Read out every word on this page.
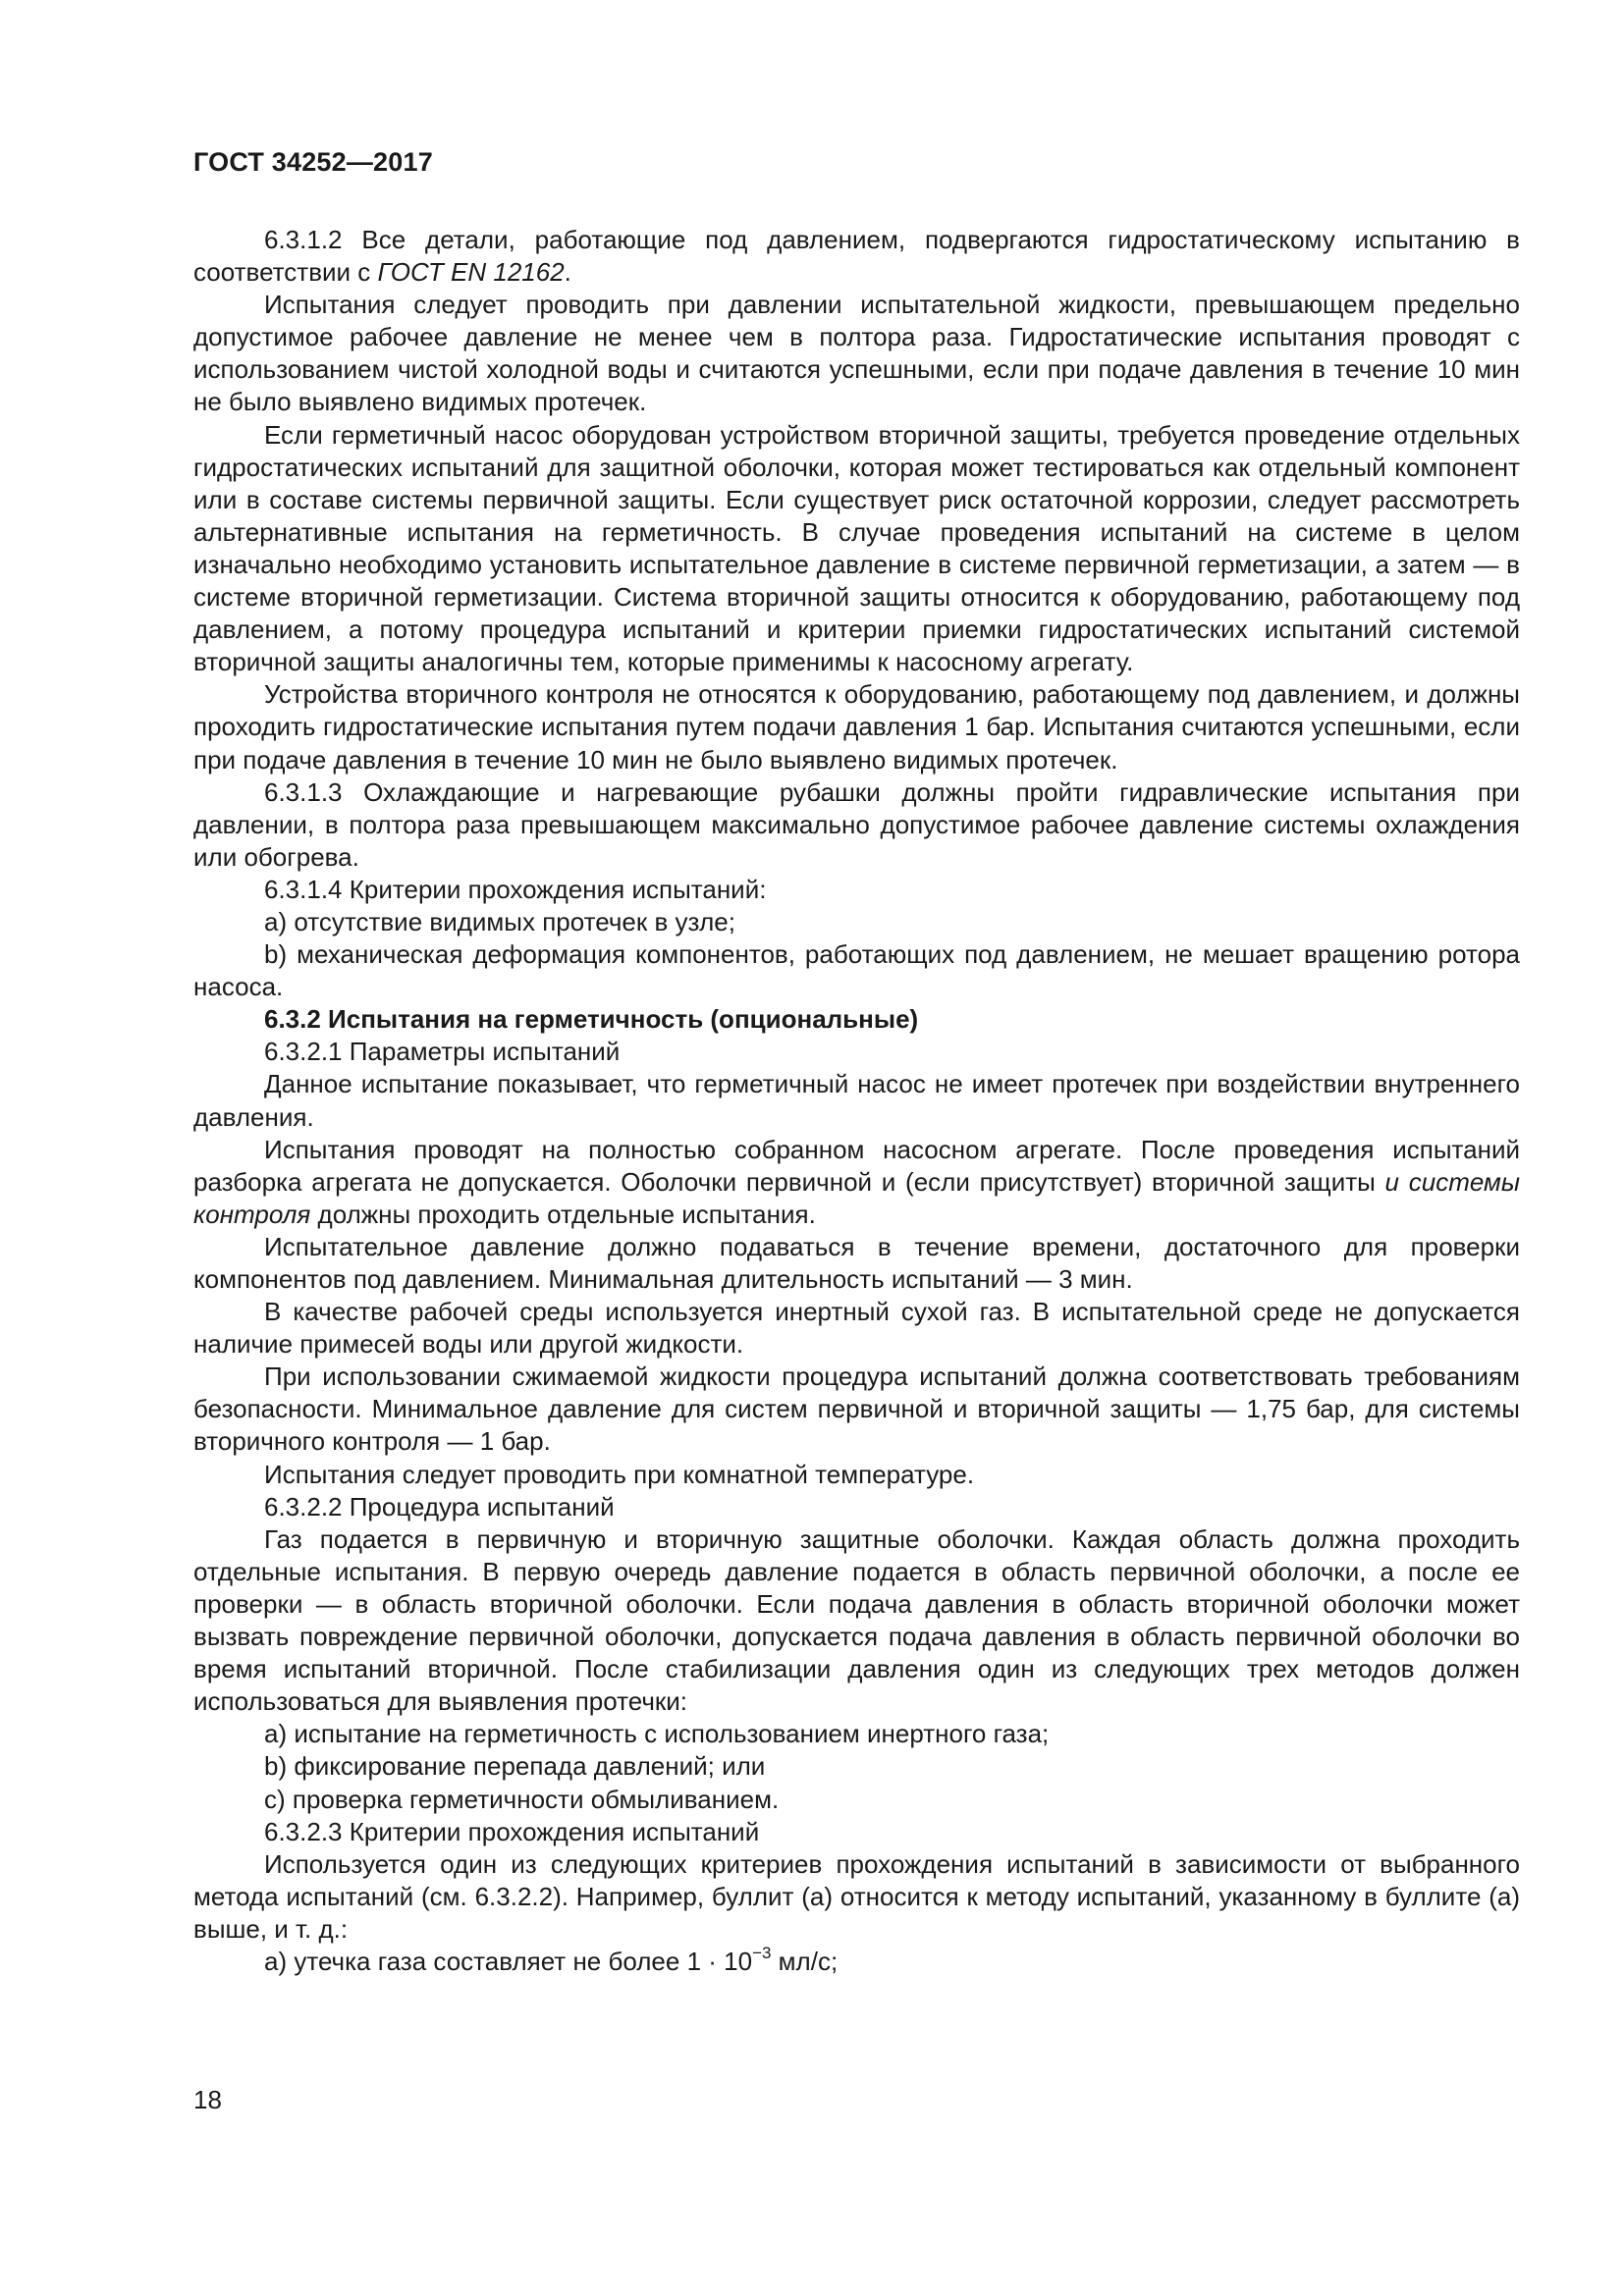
ГОСТ 34252—2017

6.3.1.2 Все детали, работающие под давлением, подвергаются гидростатическому испытанию в соответствии с ГОСТ EN 12162.

Испытания следует проводить при давлении испытательной жидкости, превышающем предельно допустимое рабочее давление не менее чем в полтора раза. Гидростатические испытания проводят с использованием чистой холодной воды и считаются успешными, если при подаче давления в течение 10 мин не было выявлено видимых протечек.

Если герметичный насос оборудован устройством вторичной защиты, требуется проведение отдельных гидростатических испытаний для защитной оболочки, которая может тестироваться как отдельный компонент или в составе системы первичной защиты. Если существует риск остаточной коррозии, следует рассмотреть альтернативные испытания на герметичность. В случае проведения испытаний на системе в целом изначально необходимо установить испытательное давление в системе первичной герметизации, а затем — в системе вторичной герметизации. Система вторичной защиты относится к оборудованию, работающему под давлением, а потому процедура испытаний и критерии приемки гидростатических испытаний системой вторичной защиты аналогичны тем, которые применимы к насосному агрегату.

Устройства вторичного контроля не относятся к оборудованию, работающему под давлением, и должны проходить гидростатические испытания путем подачи давления 1 бар. Испытания считаются успешными, если при подаче давления в течение 10 мин не было выявлено видимых протечек.

6.3.1.3 Охлаждающие и нагревающие рубашки должны пройти гидравлические испытания при давлении, в полтора раза превышающем максимально допустимое рабочее давление системы охлаждения или обогрева.

6.3.1.4 Критерии прохождения испытаний:

a) отсутствие видимых протечек в узле;

b) механическая деформация компонентов, работающих под давлением, не мешает вращению ротора насоса.

6.3.2 Испытания на герметичность (опциональные)

6.3.2.1 Параметры испытаний

Данное испытание показывает, что герметичный насос не имеет протечек при воздействии внутреннего давления.

Испытания проводят на полностью собранном насосном агрегате. После проведения испытаний разборка агрегата не допускается. Оболочки первичной и (если присутствует) вторичной защиты и системы контроля должны проходить отдельные испытания.

Испытательное давление должно подаваться в течение времени, достаточного для проверки компонентов под давлением. Минимальная длительность испытаний — 3 мин.

В качестве рабочей среды используется инертный сухой газ. В испытательной среде не допускается наличие примесей воды или другой жидкости.

При использовании сжимаемой жидкости процедура испытаний должна соответствовать требованиям безопасности. Минимальное давление для систем первичной и вторичной защиты — 1,75 бар, для системы вторичного контроля — 1 бар.

Испытания следует проводить при комнатной температуре.

6.3.2.2 Процедура испытаний

Газ подается в первичную и вторичную защитные оболочки. Каждая область должна проходить отдельные испытания. В первую очередь давление подается в область первичной оболочки, а после ее проверки — в область вторичной оболочки. Если подача давления в область вторичной оболочки может вызвать повреждение первичной оболочки, допускается подача давления в область первичной оболочки во время испытаний вторичной. После стабилизации давления один из следующих трех методов должен использоваться для выявления протечки:

a) испытание на герметичность с использованием инертного газа;

b) фиксирование перепада давлений; или

c) проверка герметичности обмыливанием.

6.3.2.3 Критерии прохождения испытаний

Используется один из следующих критериев прохождения испытаний в зависимости от выбранного метода испытаний (см. 6.3.2.2). Например, буллит (а) относится к методу испытаний, указанному в буллите (а) выше, и т. д.:

а) утечка газа составляет не более $1 \cdot 10^{-3}$ мл/с;

18
